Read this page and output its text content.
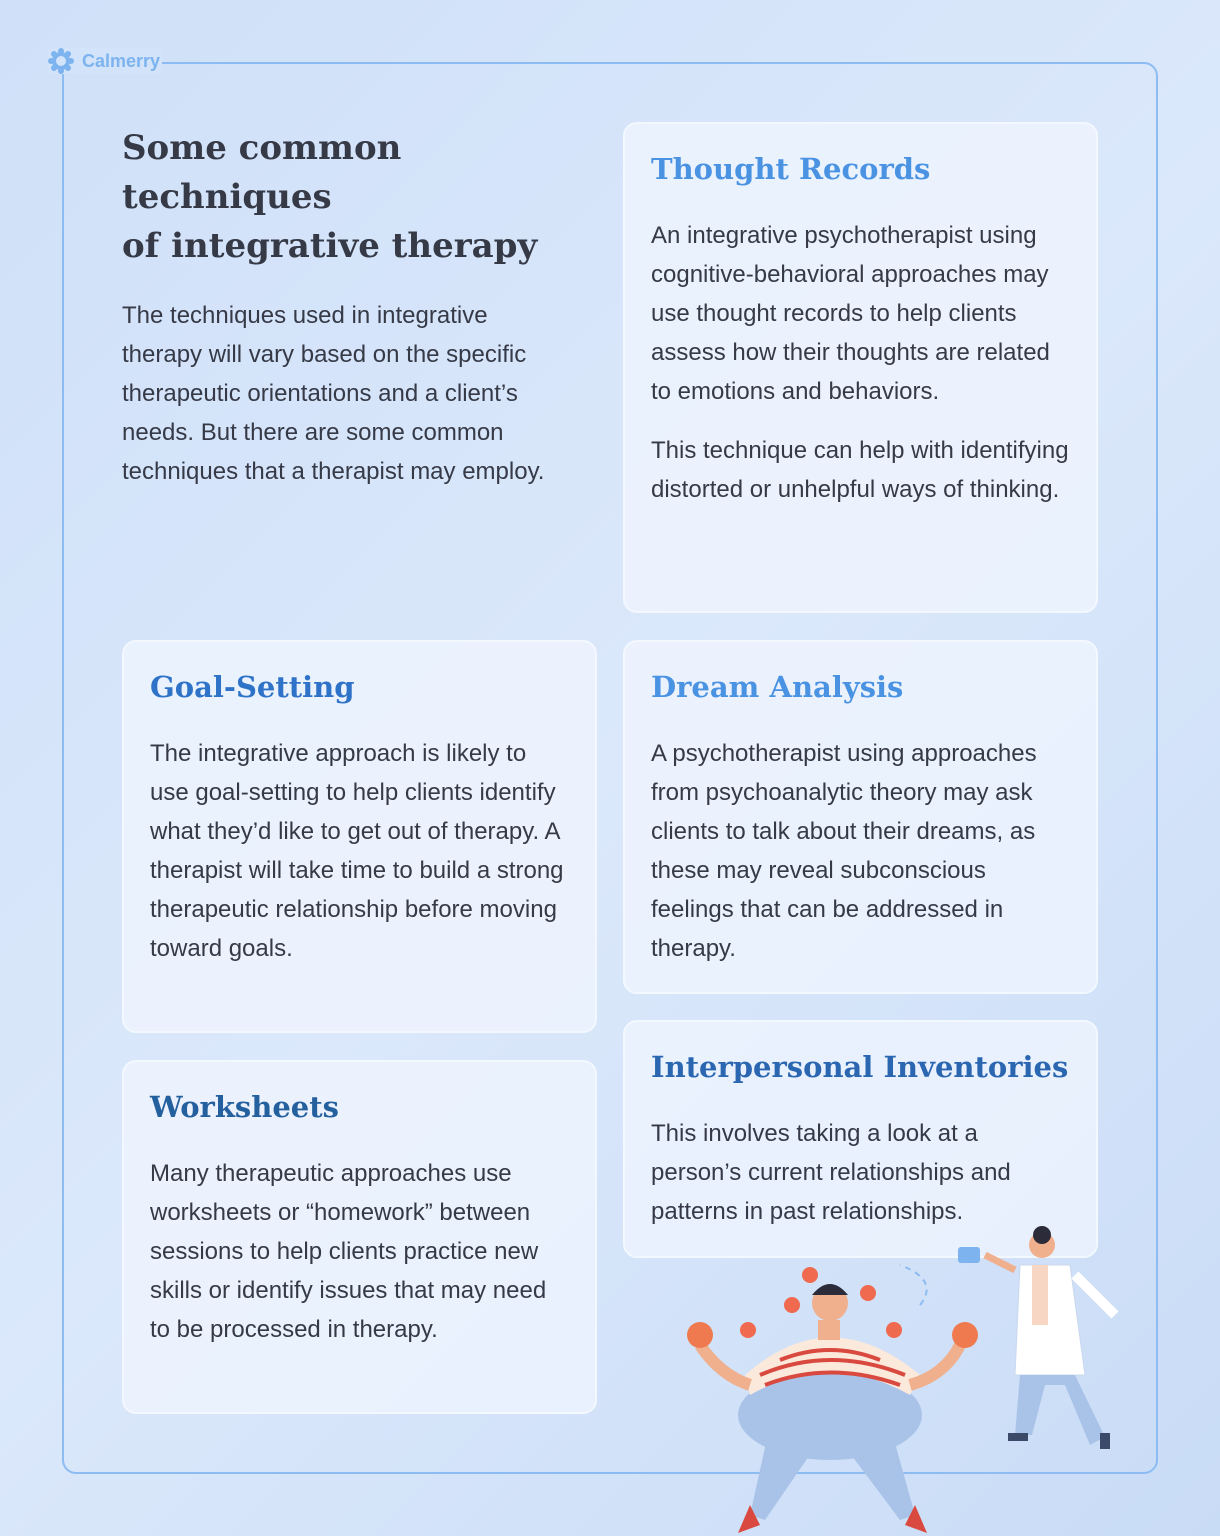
Calmerry
Some common
techniques
of integrative therapy

The techniques used in integrative therapy will vary based on the specific therapeutic orientations and a client’s needs. But there are some common techniques that a therapist may employ.

Thought Records

An integrative psychotherapist using cognitive-behavioral approaches may use thought records to help clients assess how their thoughts are related to emotions and behaviors.

This technique can help with identifying distorted or unhelpful ways of thinking.

Goal-Setting

The integrative approach is likely to use goal-setting to help clients identify what they’d like to get out of therapy. A therapist will take time to build a strong therapeutic relationship before moving toward goals.

Dream Analysis

A psychotherapist using approaches from psychoanalytic theory may ask clients to talk about their dreams, as these may reveal subconscious feelings that can be addressed in therapy.

Worksheets

Many therapeutic approaches use worksheets or “homework” between sessions to help clients practice new skills or identify issues that may need to be processed in therapy.

Interpersonal Inventories

This involves taking a look at a person’s current relationships and patterns in past relationships.
